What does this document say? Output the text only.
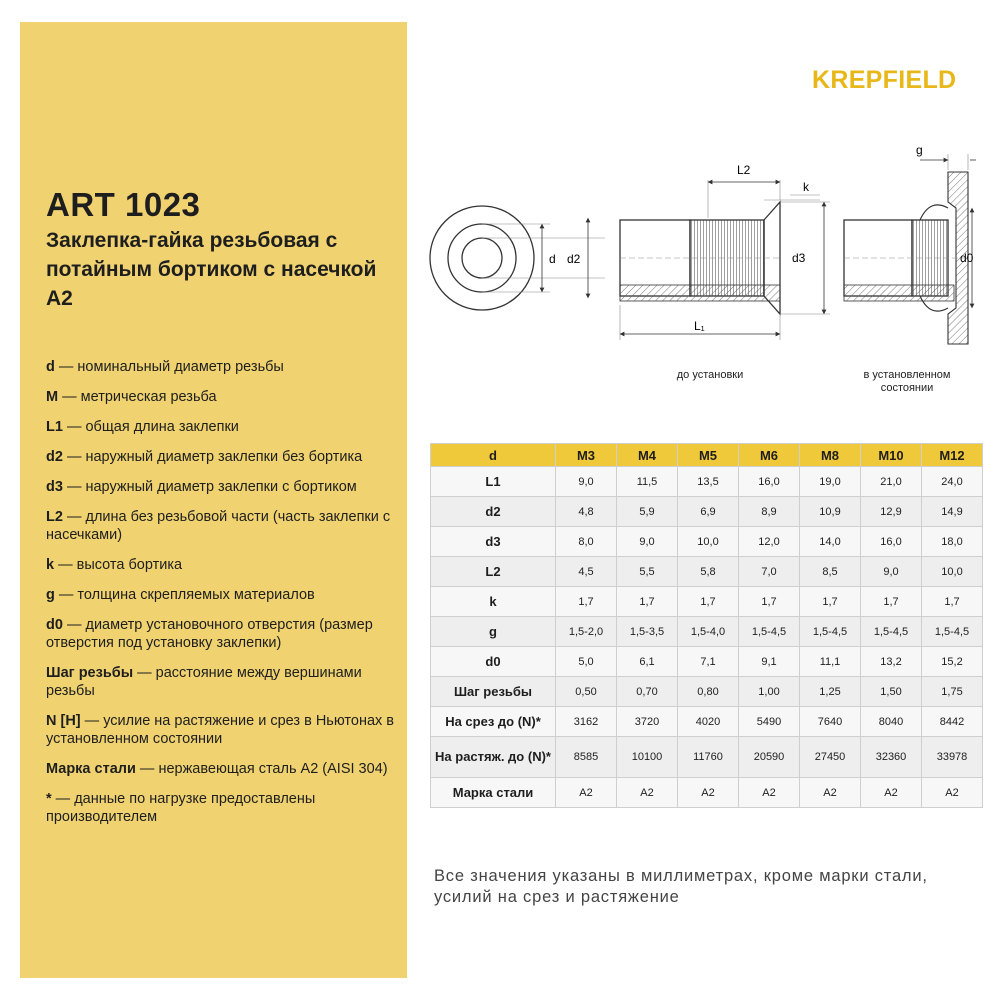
ART 1023
Заклепка-гайка резьбовая с потайным бортиком с насечкой А2
d — номинальный диаметр резьбы
M — метрическая резьба
L1 — общая длина заклепки
d2 — наружный диаметр заклепки без бортика
d3 — наружный диаметр заклепки с бортиком
L2 — длина без резьбовой части (часть заклепки с насечками)
k — высота бортика
g — толщина скрепляемых материалов
d0 — диаметр установочного отверстия (размер отверстия под установку заклепки)
Шаг резьбы — расстояние между вершинами резьбы
N [Н] — усилие на растяжение и срез в Ньютонах в установленном состоянии
Марка стали — нержавеющая сталь А2 (AISI 304)
* — данные по нагрузке предоставлены производителем
KREPFIELD
d d2
L₁
L2
k
d3
g
d0
до установки	в установленном состоянии
d	M3	M4	M5	M6	M8	M10	M12
L1	9,0	11,5	13,5	16,0	19,0	21,0	24,0
d2	4,8	5,9	6,9	8,9	10,9	12,9	14,9
d3	8,0	9,0	10,0	12,0	14,0	16,0	18,0
L2	4,5	5,5	5,8	7,0	8,5	9,0	10,0
k	1,7	1,7	1,7	1,7	1,7	1,7	1,7
g	1,5-2,0	1,5-3,5	1,5-4,0	1,5-4,5	1,5-4,5	1,5-4,5	1,5-4,5
d0	5,0	6,1	7,1	9,1	11,1	13,2	15,2
Шаг резьбы	0,50	0,70	0,80	1,00	1,25	1,50	1,75
На срез до (N)*	3162	3720	4020	5490	7640	8040	8442
На растяж. до (N)*	8585	10100	11760	20590	27450	32360	33978
Марка стали	A2	A2	A2	A2	A2	A2	A2
Все значения указаны в миллиметрах, кроме марки стали, усилий на срез и растяжение
